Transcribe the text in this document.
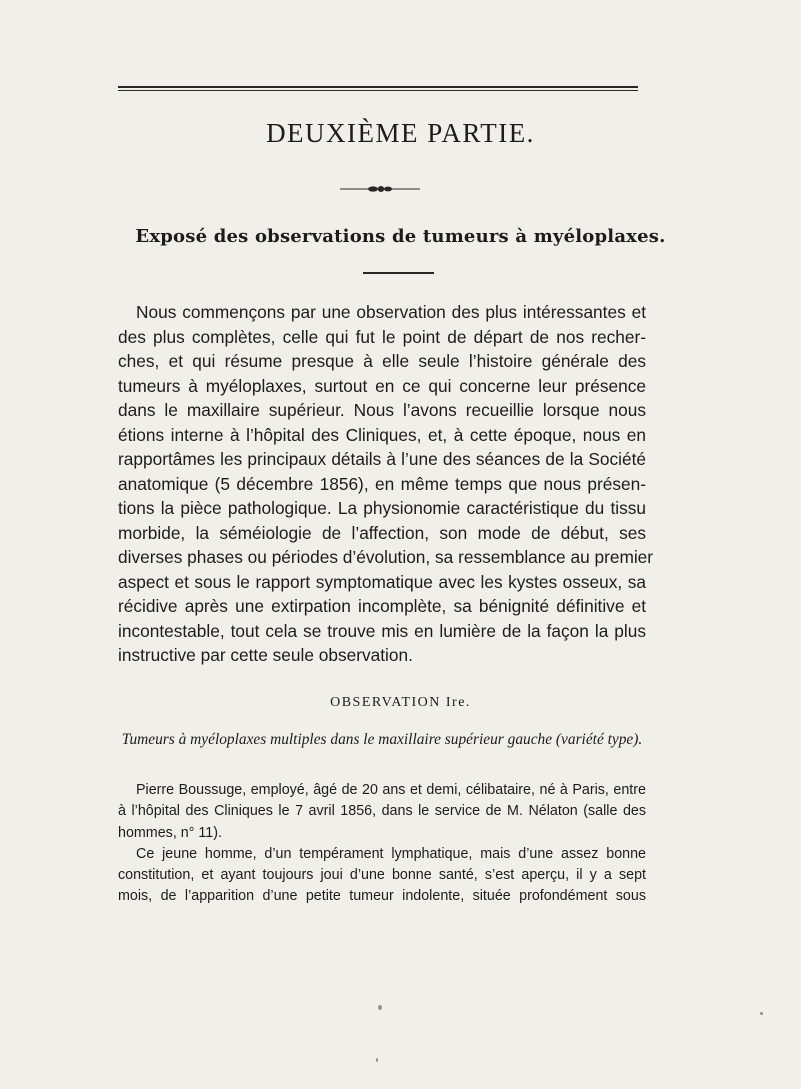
DEUXIÈME PARTIE.
Exposé des observations de tumeurs à myéloplaxes.

Nous commençons par une observation des plus intéressantes et
des plus complètes, celle qui fut le point de départ de nos recher-
ches, et qui résume presque à elle seule l’histoire générale des
tumeurs à myéloplaxes, surtout en ce qui concerne leur présence
dans le maxillaire supérieur. Nous l’avons recueillie lorsque nous
étions interne à l’hôpital des Cliniques, et, à cette époque, nous en
rapportâmes les principaux détails à l’une des séances de la Société
anatomique (5 décembre 1856), en même temps que nous présen-
tions la pièce pathologique. La physionomie caractéristique du tissu
morbide, la séméiologie de l’affection, son mode de début, ses
diverses phases ou périodes d’évolution, sa ressemblance au premier
aspect et sous le rapport symptomatique avec les kystes osseux, sa
récidive après une extirpation incomplète, sa bénignité définitive et
incontestable, tout cela se trouve mis en lumière de la façon la plus
instructive par cette seule observation.

OBSERVATION Ire.
Tumeurs à myéloplaxes multiples dans le maxillaire supérieur gauche (variété type).

Pierre Boussuge, employé, âgé de 20 ans et demi, célibataire, né à Paris, entre
à l’hôpital des Cliniques le 7 avril 1856, dans le service de M. Nélaton (salle des
hommes, n° 11).
Ce jeune homme, d’un tempérament lymphatique, mais d’une assez bonne
constitution, et ayant toujours joui d’une bonne santé, s’est aperçu, il y a sept
mois, de l’apparition d’une petite tumeur indolente, située profondément sous
